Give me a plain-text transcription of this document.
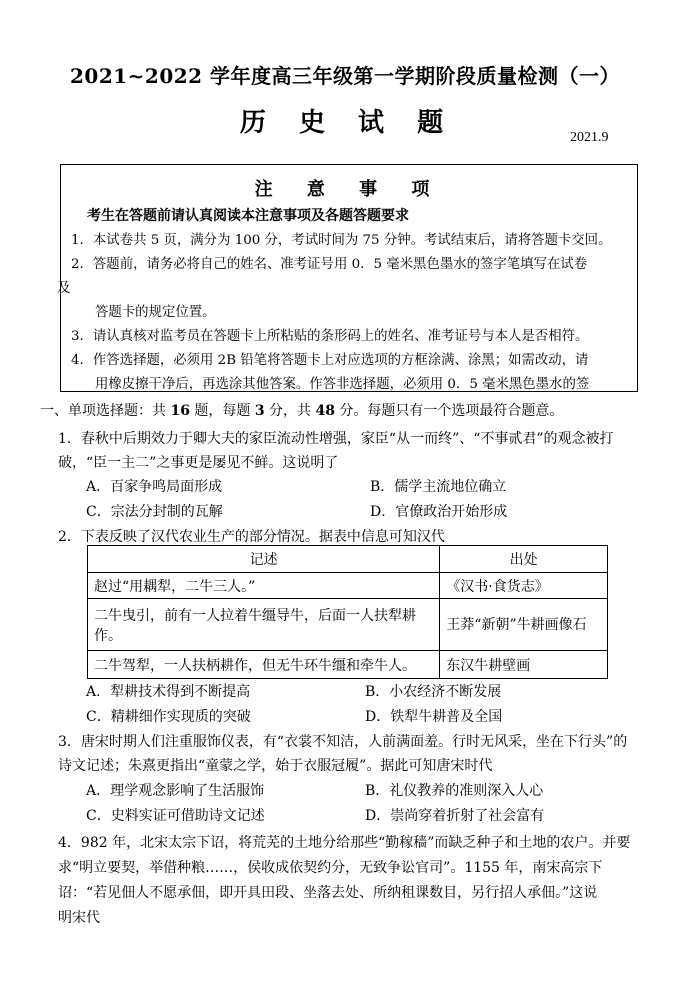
2021~2022 学年度高三年级第一学期阶段质量检测（一）
历 史 试 题	2021.9
注 意 事 项
考生在答题前请认真阅读本注意事项及各题答题要求
1．本试卷共 5 页，满分为 100 分，考试时间为 75 分钟。考试结束后，请将答题卡交回。
2．答题前，请务必将自己的姓名、准考证号用 0．5 毫米黑色墨水的签字笔填写在试卷
及
答题卡的规定位置。
3．请认真核对监考员在答题卡上所粘贴的条形码上的姓名、准考证号与本人是否相符。
4．作答选择题，必须用 2B 铅笔将答题卡上对应选项的方框涂满、涂黑；如需改动，请
用橡皮擦干净后，再选涂其他答案。作答非选择题，必须用 0．5 毫米黑色墨水的签
一、单项选择题：共 16 题，每题 3 分，共 48 分。每题只有一个选项最符合题意。
1．春秋中后期效力于卿大夫的家臣流动性增强，家臣“从一而终”、“不事贰君”的观念被打
破，“臣一主二”之事更是屡见不鲜。这说明了
A．百家争鸣局面形成	B．儒学主流地位确立
C．宗法分封制的瓦解	D．官僚政治开始形成
2．下表反映了汉代农业生产的部分情况。据表中信息可知汉代
记述	出处
赵过“用耦犁，二牛三人。”	《汉书·食货志》
二牛曳引，前有一人拉着牛缰导牛，后面一人扶犁耕作。	王莽“新朝”牛耕画像石
二牛驾犁，一人扶柄耕作，但无牛环牛缰和牵牛人。	东汉牛耕壁画
A．犁耕技术得到不断提高	B．小农经济不断发展
C．精耕细作实现质的突破	D．铁犁牛耕普及全国
3．唐宋时期人们注重服饰仪表，有“衣裳不知洁，人前满面羞。行时无风采，坐在下行头”的
诗文记述；朱熹更指出“童蒙之学，始于衣服冠履”。据此可知唐宋时代
A．理学观念影响了生活服饰	B．礼仪教养的准则深入人心
C．史料实证可借助诗文记述	D．崇尚穿着折射了社会富有
4．982 年，北宋太宗下诏，将荒芜的土地分给那些“勤稼穑”而缺乏种子和土地的农户。并要
求“明立要契，举借种粮……，侯收成依契约分，无致争讼官司”。1155 年，南宋高宗下
诏：“若见佃人不愿承佃，即开具田段、坐落去处、所纳租课数目，另行招人承佃。”这说
明宋代
